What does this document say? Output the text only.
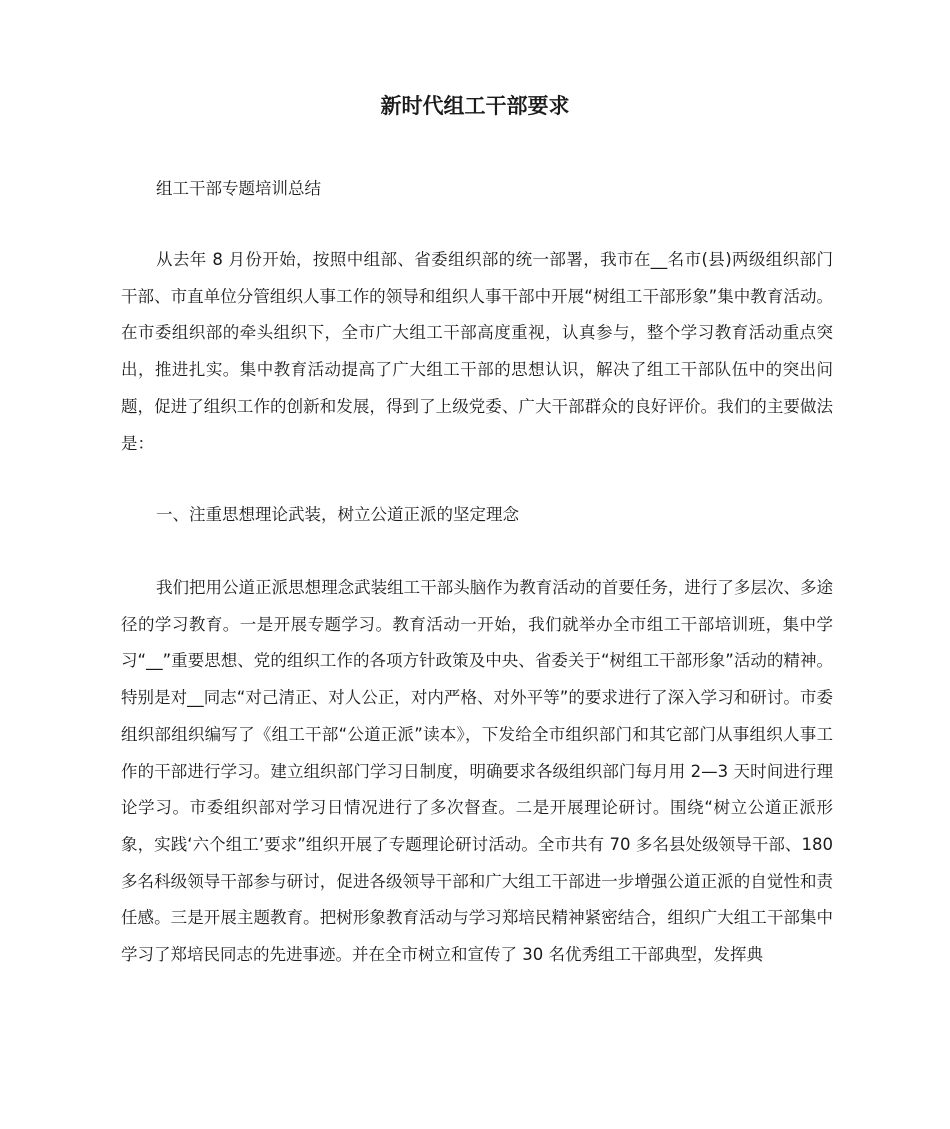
新时代组工干部要求

组工干部专题培训总结

从去年 8 月份开始，按照中组部、省委组织部的统一部署，我市在__名市(县)两级组织部门干部、市直单位分管组织人事工作的领导和组织人事干部中开展“树组工干部形象”集中教育活动。在市委组织部的牵头组织下，全市广大组工干部高度重视，认真参与，整个学习教育活动重点突出，推进扎实。集中教育活动提高了广大组工干部的思想认识，解决了组工干部队伍中的突出问题，促进了组织工作的创新和发展，得到了上级党委、广大干部群众的良好评价。我们的主要做法是：

一、注重思想理论武装，树立公道正派的坚定理念

我们把用公道正派思想理念武装组工干部头脑作为教育活动的首要任务，进行了多层次、多途径的学习教育。一是开展专题学习。教育活动一开始，我们就举办全市组工干部培训班，集中学习“__”重要思想、党的组织工作的各项方针政策及中央、省委关于“树组工干部形象”活动的精神。特别是对__同志“对己清正、对人公正，对内严格、对外平等”的要求进行了深入学习和研讨。市委组织部组织编写了《组工干部“公道正派”读本》，下发给全市组织部门和其它部门从事组织人事工作的干部进行学习。建立组织部门学习日制度，明确要求各级组织部门每月用 2—3 天时间进行理论学习。市委组织部对学习日情况进行了多次督查。二是开展理论研讨。围绕“树立公道正派形象，实践‘六个组工’要求”组织开展了专题理论研讨活动。全市共有 70 多名县处级领导干部、180 多名科级领导干部参与研讨，促进各级领导干部和广大组工干部进一步增强公道正派的自觉性和责任感。三是开展主题教育。把树形象教育活动与学习郑培民精神紧密结合，组织广大组工干部集中学习了郑培民同志的先进事迹。并在全市树立和宣传了 30 名优秀组工干部典型，发挥典
